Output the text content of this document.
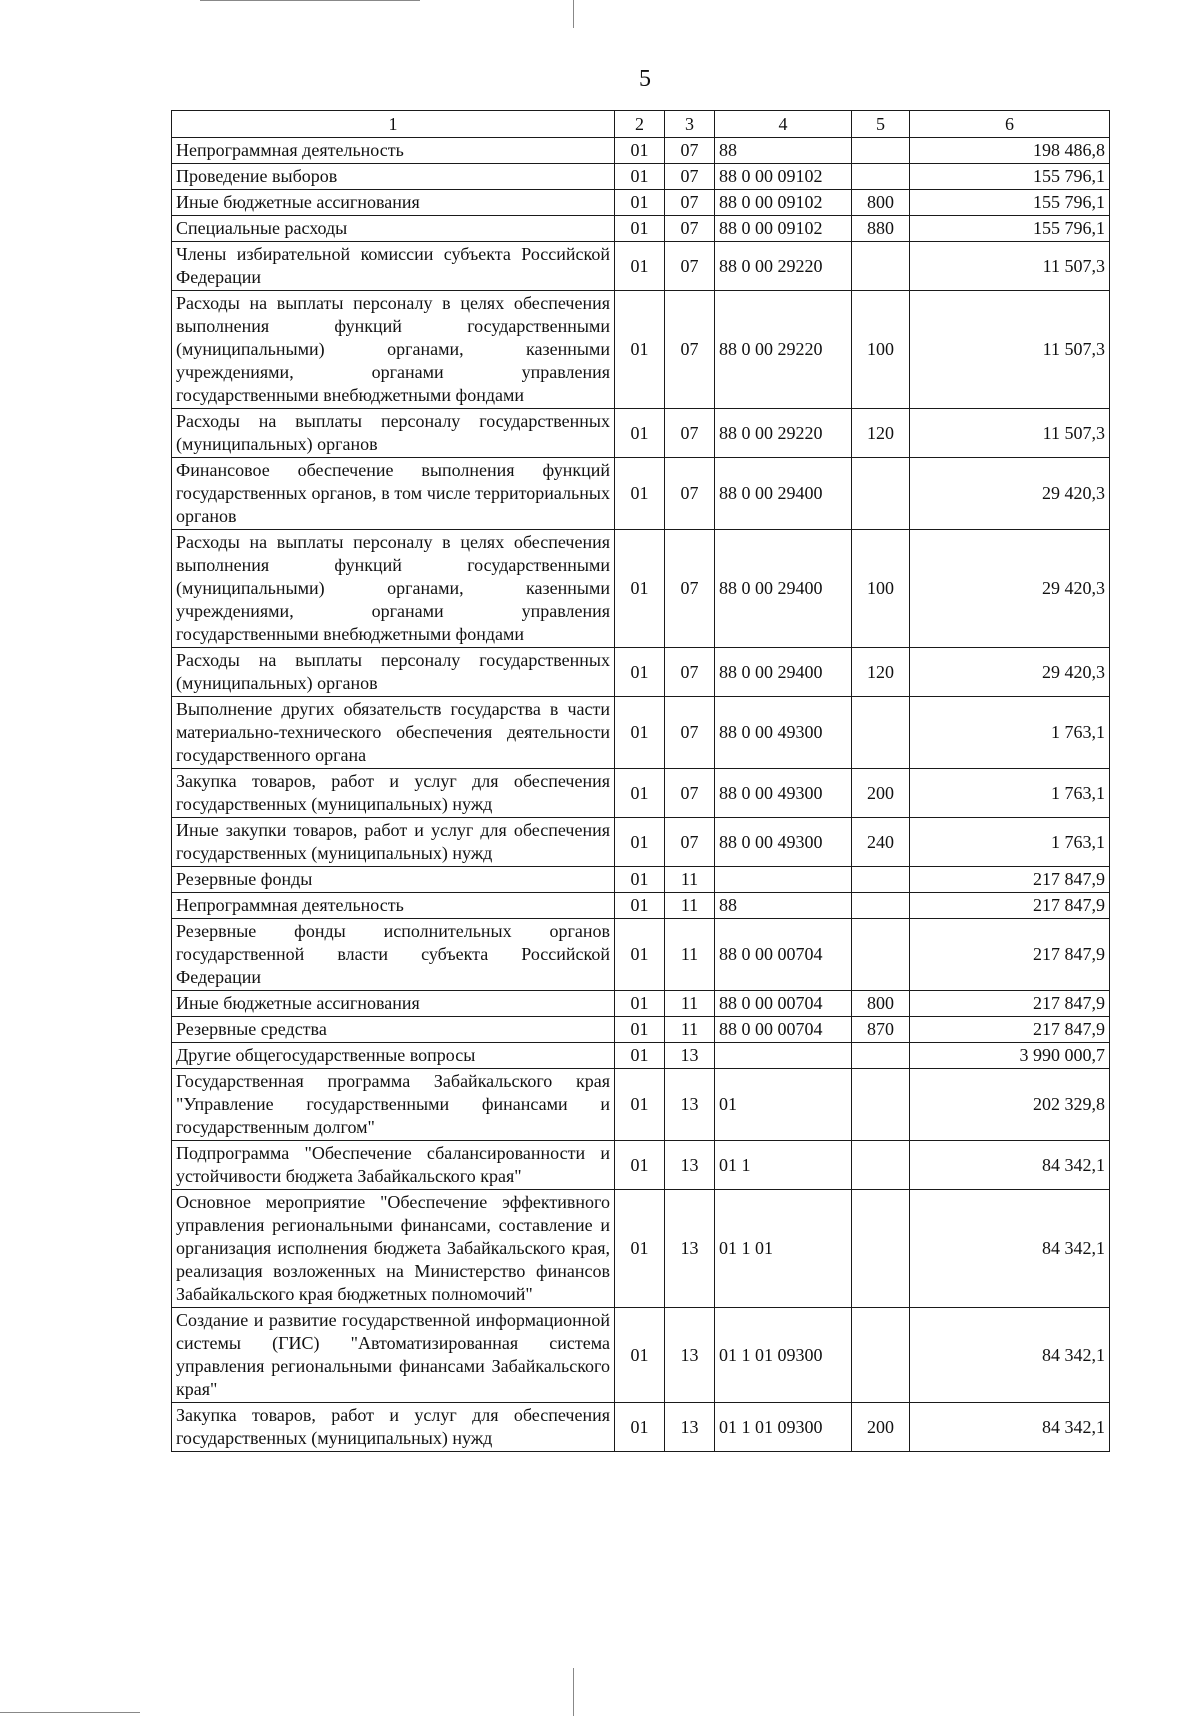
5
1	2	3	4	5	6
Непрограммная деятельность	01	07	88		198 486,8
Проведение выборов	01	07	88 0 00 09102		155 796,1
Иные бюджетные ассигнования	01	07	88 0 00 09102	800	155 796,1
Специальные расходы	01	07	88 0 00 09102	880	155 796,1
Члены избирательной комиссии субъекта Российской Федерации	01	07	88 0 00 29220		11 507,3
Расходы на выплаты персоналу в целях обеспечения выполнения функций государственными (муниципальными) органами, казенными учреждениями, органами управления государственными внебюджетными фондами	01	07	88 0 00 29220	100	11 507,3
Расходы на выплаты персоналу государственных (муниципальных) органов	01	07	88 0 00 29220	120	11 507,3
Финансовое обеспечение выполнения функций государственных органов, в том числе территориальных органов	01	07	88 0 00 29400		29 420,3
Расходы на выплаты персоналу в целях обеспечения выполнения функций государственными (муниципальными) органами, казенными учреждениями, органами управления государственными внебюджетными фондами	01	07	88 0 00 29400	100	29 420,3
Расходы на выплаты персоналу государственных (муниципальных) органов	01	07	88 0 00 29400	120	29 420,3
Выполнение других обязательств государства в части материально-технического обеспечения деятельности государственного органа	01	07	88 0 00 49300		1 763,1
Закупка товаров, работ и услуг для обеспечения государственных (муниципальных) нужд	01	07	88 0 00 49300	200	1 763,1
Иные закупки товаров, работ и услуг для обеспечения государственных (муниципальных) нужд	01	07	88 0 00 49300	240	1 763,1
Резервные фонды	01	11			217 847,9
Непрограммная деятельность	01	11	88		217 847,9
Резервные фонды исполнительных органов государственной власти субъекта Российской Федерации	01	11	88 0 00 00704		217 847,9
Иные бюджетные ассигнования	01	11	88 0 00 00704	800	217 847,9
Резервные средства	01	11	88 0 00 00704	870	217 847,9
Другие общегосударственные вопросы	01	13			3 990 000,7
Государственная программа Забайкальского края "Управление государственными финансами и государственным долгом"	01	13	01		202 329,8
Подпрограмма "Обеспечение сбалансированности и устойчивости бюджета Забайкальского края"	01	13	01 1		84 342,1
Основное мероприятие "Обеспечение эффективного управления региональными финансами, составление и организация исполнения бюджета Забайкальского края, реализация возложенных на Министерство финансов Забайкальского края бюджетных полномочий"	01	13	01 1 01		84 342,1
Создание и развитие государственной информационной системы (ГИС) "Автоматизированная система управления региональными финансами Забайкальского края"	01	13	01 1 01 09300		84 342,1
Закупка товаров, работ и услуг для обеспечения государственных (муниципальных) нужд	01	13	01 1 01 09300	200	84 342,1
